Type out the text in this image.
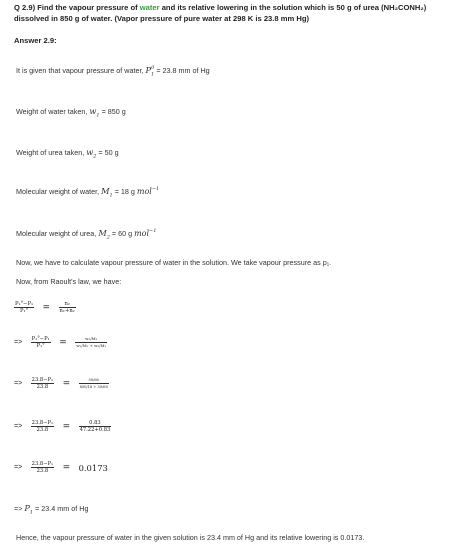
Q 2.9) Find the vapour pressure of water and its relative lowering in the solution which is 50 g of urea (NH₂CONH₂) dissolved in 850 g of water. (Vapor pressure of pure water at 298 K is 23.8 mm Hg)
Answer 2.9:
It is given that vapour pressure of water, $P_1^0 = 23.8$ mm of Hg
Weight of water taken, $w_1 = 850$ g
Weight of urea taken, $w_2 = 50$ g
Molecular weight of water, $M_1 = 18$ g mol$^{-1}$
Molecular weight of urea, $M_2 = 60$ g mol$^{-1}$
Now, we have to calculate vapour pressure of water in the solution. We take vapour pressure as p₁.
Now, from Raoult's law, we have:
$\frac{\text{P₁°−P₁}}{\text{P₁°}} = \frac{\text{n₂}}{\text{n₁+n₂}}$
=> $\frac{\text{P₁°−P₁}}{\text{P₁°}} = \frac{\text{w₂/M₂}}{\text{w₁/M₁ + w₂/M₂}}$
=> $\frac{\text{23.8−P₁}}{23.8} = \frac{50/60}{850/18 + 50/60}$
=> $\frac{\text{23.8−P₁}}{23.8} = \frac{0.83}{47.22+0.83}$
=> $\frac{\text{23.8−P₁}}{23.8} = 0.0173$
=> $P_1 = 23.4$ mm of Hg
Hence, the vapour pressure of water in the given solution is 23.4 mm of Hg and its relative lowering is 0.0173.
